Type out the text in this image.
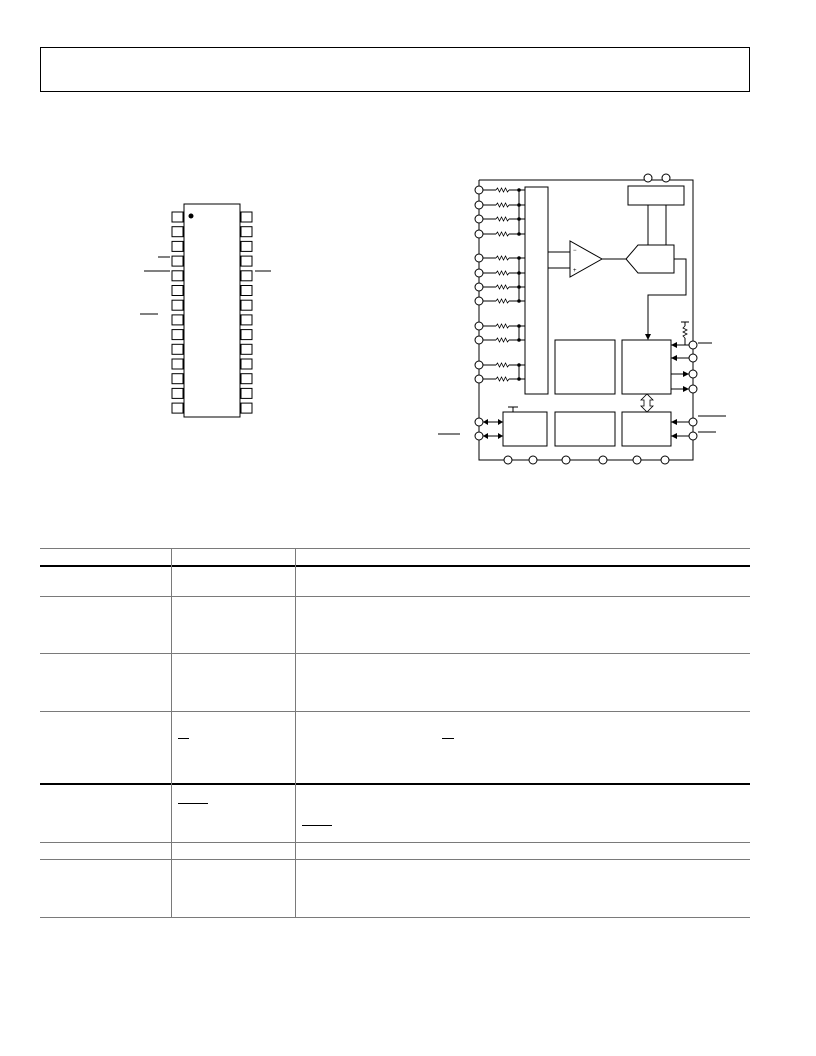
−
+
